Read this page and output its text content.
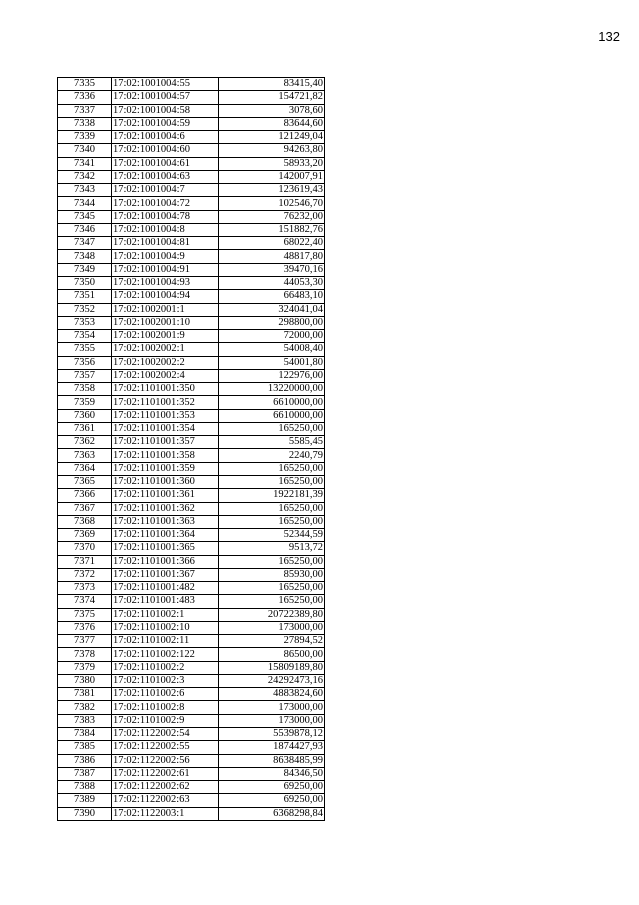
132
7335	17:02:1001004:55	83415,40
7336	17:02:1001004:57	154721,82
7337	17:02:1001004:58	3078,60
7338	17:02:1001004:59	83644,60
7339	17:02:1001004:6	121249,04
7340	17:02:1001004:60	94263,80
7341	17:02:1001004:61	58933,20
7342	17:02:1001004:63	142007,91
7343	17:02:1001004:7	123619,43
7344	17:02:1001004:72	102546,70
7345	17:02:1001004:78	76232,00
7346	17:02:1001004:8	151882,76
7347	17:02:1001004:81	68022,40
7348	17:02:1001004:9	48817,80
7349	17:02:1001004:91	39470,16
7350	17:02:1001004:93	44053,30
7351	17:02:1001004:94	66483,10
7352	17:02:1002001:1	324041,04
7353	17:02:1002001:10	298800,00
7354	17:02:1002001:9	72000,00
7355	17:02:1002002:1	54008,40
7356	17:02:1002002:2	54001,80
7357	17:02:1002002:4	122976,00
7358	17:02:1101001:350	13220000,00
7359	17:02:1101001:352	6610000,00
7360	17:02:1101001:353	6610000,00
7361	17:02:1101001:354	165250,00
7362	17:02:1101001:357	5585,45
7363	17:02:1101001:358	2240,79
7364	17:02:1101001:359	165250,00
7365	17:02:1101001:360	165250,00
7366	17:02:1101001:361	1922181,39
7367	17:02:1101001:362	165250,00
7368	17:02:1101001:363	165250,00
7369	17:02:1101001:364	52344,59
7370	17:02:1101001:365	9513,72
7371	17:02:1101001:366	165250,00
7372	17:02:1101001:367	85930,00
7373	17:02:1101001:482	165250,00
7374	17:02:1101001:483	165250,00
7375	17:02:1101002:1	20722389,80
7376	17:02:1101002:10	173000,00
7377	17:02:1101002:11	27894,52
7378	17:02:1101002:122	86500,00
7379	17:02:1101002:2	15809189,80
7380	17:02:1101002:3	24292473,16
7381	17:02:1101002:6	4883824,60
7382	17:02:1101002:8	173000,00
7383	17:02:1101002:9	173000,00
7384	17:02:1122002:54	5539878,12
7385	17:02:1122002:55	1874427,93
7386	17:02:1122002:56	8638485,99
7387	17:02:1122002:61	84346,50
7388	17:02:1122002:62	69250,00
7389	17:02:1122002:63	69250,00
7390	17:02:1122003:1	6368298,84
